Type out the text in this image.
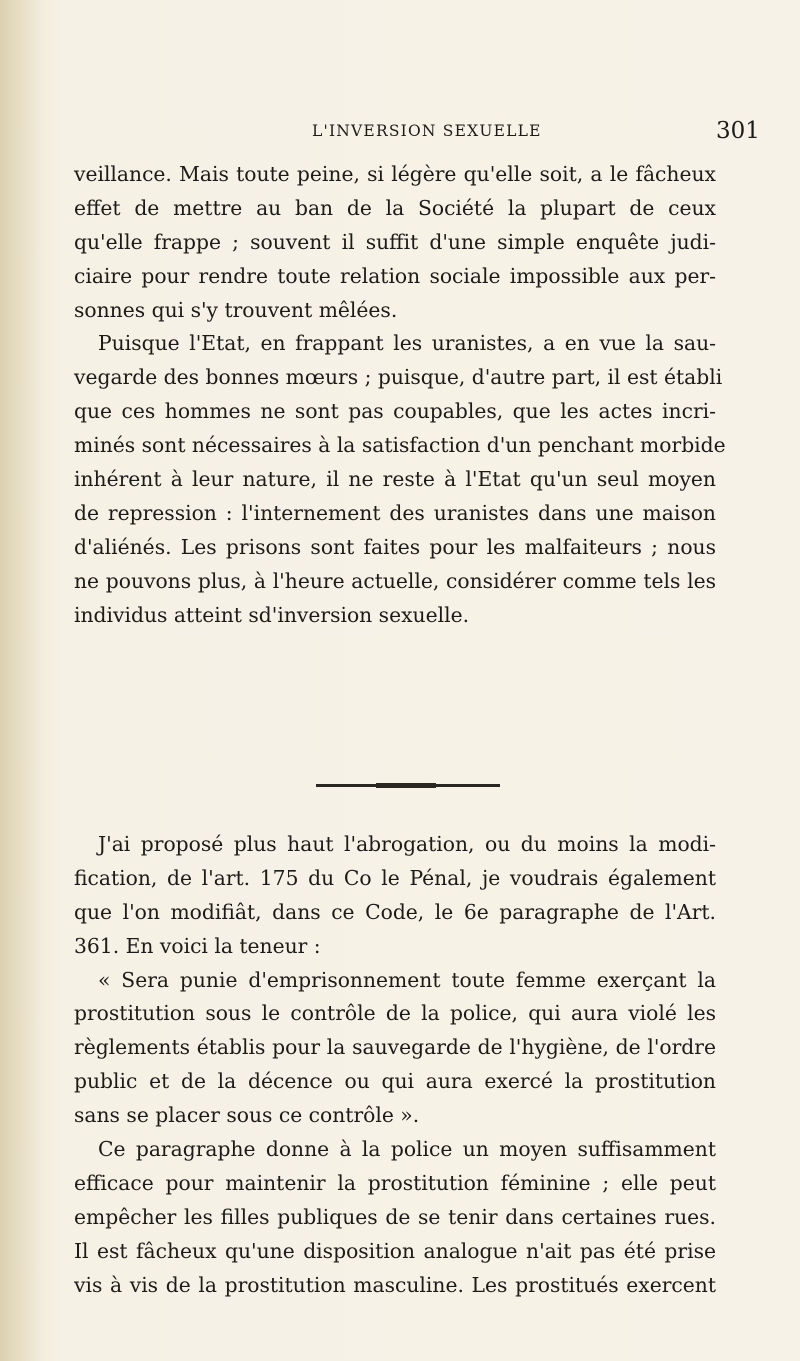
L'INVERSION SEXUELLE	301
veillance. Mais toute peine, si légère qu'elle soit, a le fâcheux
effet de mettre au ban de la Société la plupart de ceux
qu'elle frappe ; souvent il suffit d'une simple enquête judi-
ciaire pour rendre toute relation sociale impossible aux per-
sonnes qui s'y trouvent mêlées.
Puisque l'Etat, en frappant les uranistes, a en vue la sau-
vegarde des bonnes mœurs ; puisque, d'autre part, il est établi
que ces hommes ne sont pas coupables, que les actes incri-
minés sont nécessaires à la satisfaction d'un penchant morbide
inhérent à leur nature, il ne reste à l'Etat qu'un seul moyen
de repression : l'internement des uranistes dans une maison
d'aliénés. Les prisons sont faites pour les malfaiteurs ; nous
ne pouvons plus, à l'heure actuelle, considérer comme tels les
individus atteint sd'inversion sexuelle.
J'ai proposé plus haut l'abrogation, ou du moins la modi-
fication, de l'art. 175 du Co le Pénal, je voudrais également
que l'on modifiât, dans ce Code, le 6e paragraphe de l'Art.
361. En voici la teneur :
« Sera punie d'emprisonnement toute femme exerçant la
prostitution sous le contrôle de la police, qui aura violé les
règlements établis pour la sauvegarde de l'hygiène, de l'ordre
public et de la décence ou qui aura exercé la prostitution
sans se placer sous ce contrôle ».
Ce paragraphe donne à la police un moyen suffisamment
efficace pour maintenir la prostitution féminine ; elle peut
empêcher les filles publiques de se tenir dans certaines rues.
Il est fâcheux qu'une disposition analogue n'ait pas été prise
vis à vis de la prostitution masculine. Les prostitués exercent
